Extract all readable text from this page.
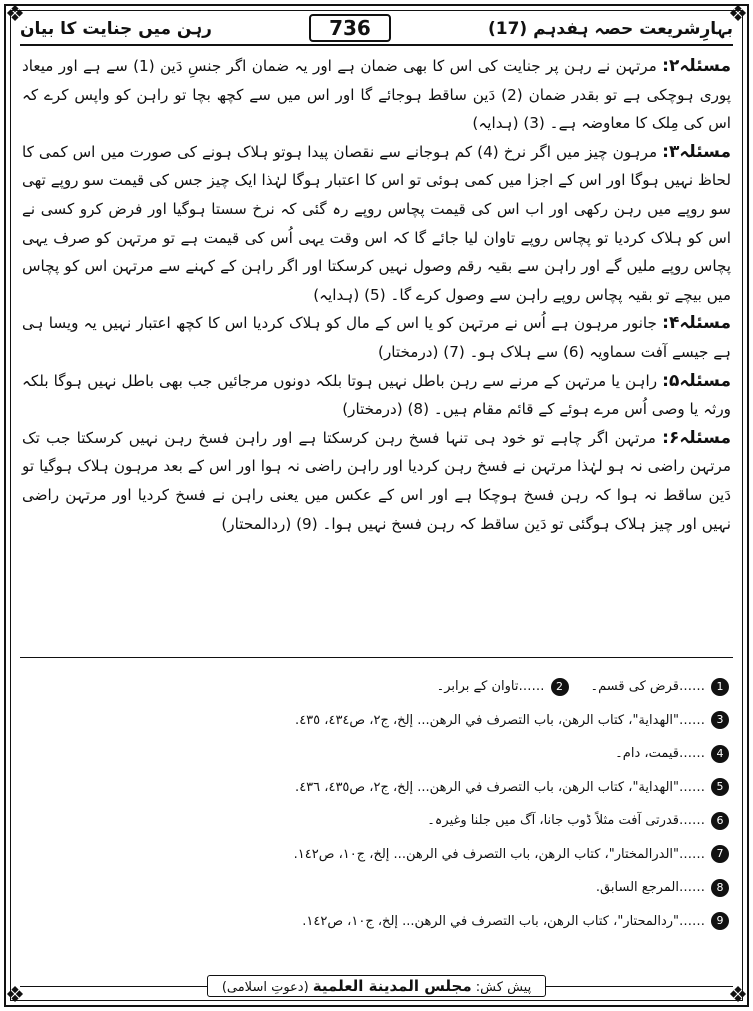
❖	❖
❖	❖
بہارِشریعت حصہ ہفدہم (17)
736
رہن میں جنایت کا بیان
مسئلہ۲: مرتہن نے رہن پر جنایت کی اس کا بھی ضمان ہے اور یہ ضمان اگر جنسِ دَین (1) سے ہے اور میعاد پوری ہوچکی ہے تو بقدر ضمان (2) دَین ساقط ہوجائے گا اور اس میں سے کچھ بچا تو راہن کو واپس کرے کہ اس کی مِلک کا معاوضہ ہے۔ (3) (ہدایہ)
مسئلہ۳: مرہون چیز میں اگر نرخ (4) کم ہوجانے سے نقصان پیدا ہوتو ہلاک ہونے کی صورت میں اس کمی کا لحاظ نہیں ہوگا اور اس کے اجزا میں کمی ہوئی تو اس کا اعتبار ہوگا لہٰذا ایک چیز جس کی قیمت سو روپے تھی سو روپے میں رہن رکھی اور اب اس کی قیمت پچاس روپے رہ گئی کہ نرخ سستا ہوگیا اور فرض کرو کسی نے اس کو ہلاک کردیا تو پچاس روپے تاوان لیا جائے گا کہ اس وقت یہی اُس کی قیمت ہے تو مرتہن کو صرف یہی پچاس روپے ملیں گے اور راہن سے بقیہ رقم وصول نہیں کرسکتا اور اگر راہن کے کہنے سے مرتہن اس کو پچاس میں بیچے تو بقیہ پچاس روپے راہن سے وصول کرے گا۔ (5) (ہدایہ)
مسئلہ۴: جانور مرہون ہے اُس نے مرتہن کو یا اس کے مال کو ہلاک کردیا اس کا کچھ اعتبار نہیں یہ ویسا ہی ہے جیسے آفت سماویہ (6) سے ہلاک ہو۔ (7) (درمختار)
مسئلہ۵: راہن یا مرتہن کے مرنے سے رہن باطل نہیں ہوتا بلکہ دونوں مرجائیں جب بھی باطل نہیں ہوگا بلکہ ورثہ یا وصی اُس مرے ہوئے کے قائم مقام ہیں۔ (8) (درمختار)
مسئلہ۶: مرتہن اگر چاہے تو خود ہی تنہا فسخ رہن کرسکتا ہے اور راہن فسخ رہن نہیں کرسکتا جب تک مرتہن راضی نہ ہو لہٰذا مرتہن نے فسخ رہن کردیا اور راہن راضی نہ ہوا اور اس کے بعد مرہون ہلاک ہوگیا تو دَین ساقط نہ ہوا کہ رہن فسخ ہوچکا ہے اور اس کے عکس میں یعنی راہن نے فسخ کردیا اور مرتہن راضی نہیں اور چیز ہلاک ہوگئی تو دَین ساقط کہ رہن فسخ نہیں ہوا۔ (9) (ردالمحتار)
1
……قرض کی قسم۔
2
……تاوان کے برابر۔
3
……"الهداية"، كتاب الرهن، باب التصرف في الرهن... إلخ، ج٢، ص٤٣٤، ٤٣٥.
4
……قیمت، دام۔
5
……"الهداية"، كتاب الرهن، باب التصرف في الرهن... إلخ، ج٢، ص٤٣٥، ٤٣٦.
6
……قدرتی آفت مثلاً ڈوب جانا، آگ میں جلنا وغیرہ۔
7
……"الدرالمختار"، كتاب الرهن، باب التصرف في الرهن... إلخ، ج١٠، ص١٤٢.
8
……المرجع السابق.
9
……"ردالمحتار"، كتاب الرهن، باب التصرف في الرهن... إلخ، ج١٠، ص١٤٢.
پیش کش: مجلس المدينة العلمية (دعوتِ اسلامی)
